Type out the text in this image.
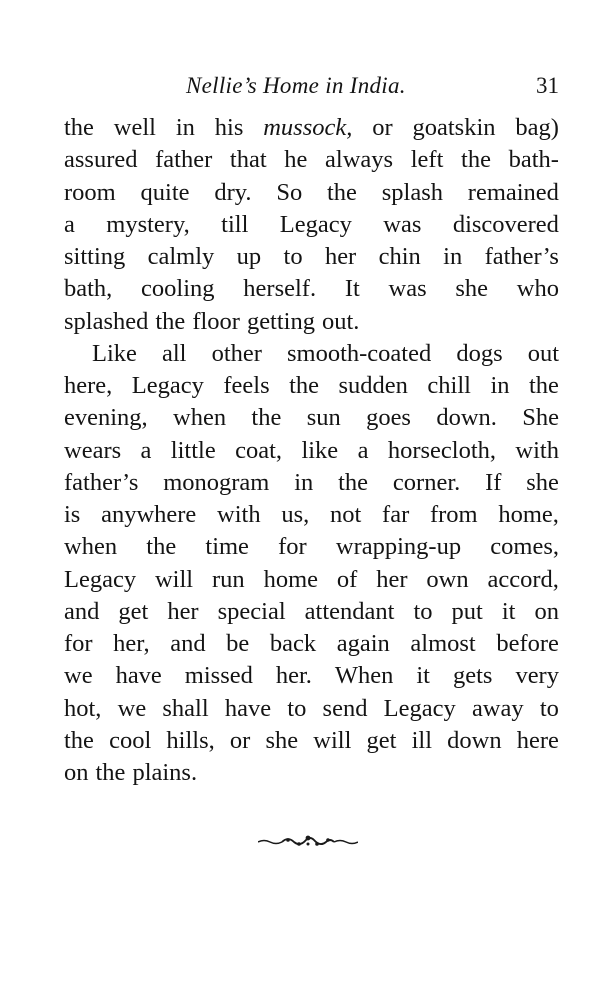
Nellie’s Home in India.	31
the well in his mussock, or goatskin bag)
assured father that he always left the bath-
room quite dry. So the splash remained
a mystery, till Legacy was discovered
sitting calmly up to her chin in father’s
bath, cooling herself. It was she who
splashed the floor getting out.
Like all other smooth-coated dogs out
here, Legacy feels the sudden chill in the
evening, when the sun goes down. She
wears a little coat, like a horsecloth, with
father’s monogram in the corner. If she
is anywhere with us, not far from home,
when the time for wrapping-up comes,
Legacy will run home of her own accord,
and get her special attendant to put it on
for her, and be back again almost before
we have missed her. When it gets very
hot, we shall have to send Legacy away to
the cool hills, or she will get ill down here
on the plains.
